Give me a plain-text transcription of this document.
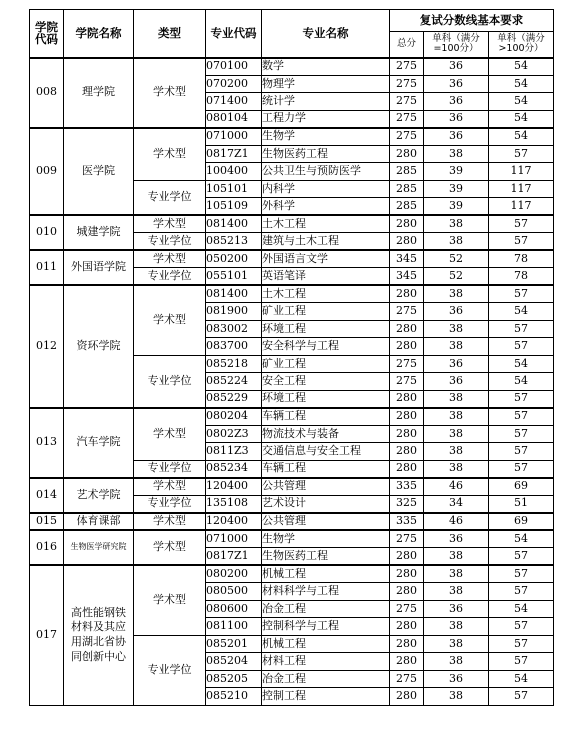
学院代码	学院名称	类型	专业代码	专业名称	复试分数线基本要求		
					总分	单科（满分=100分）	单科（满分>100分）
008	理学院	学术型	070100	数学	275	36	54
			070200	物理学	275	36	54
			071400	统计学	275	36	54
			080104	工程力学	275	36	54
009	医学院	学术型	071000	生物学	275	36	54
			0817Z1	生物医药工程	280	38	57
			100400	公共卫生与预防医学	285	39	117
		专业学位	105101	内科学	285	39	117
			105109	外科学	285	39	117
010	城建学院	学术型	081400	土木工程	280	38	57
		专业学位	085213	建筑与土木工程	280	38	57
011	外国语学院	学术型	050200	外国语言文学	345	52	78
		专业学位	055101	英语笔译	345	52	78
012	资环学院	学术型	081400	土木工程	280	38	57
			081900	矿业工程	275	36	54
			083002	环境工程	280	38	57
			083700	安全科学与工程	280	38	57
		专业学位	085218	矿业工程	275	36	54
			085224	安全工程	275	36	54
			085229	环境工程	280	38	57
013	汽车学院	学术型	080204	车辆工程	280	38	57
			0802Z3	物流技术与装备	280	38	57
			0811Z3	交通信息与安全工程	280	38	57
		专业学位	085234	车辆工程	280	38	57
014	艺术学院	学术型	120400	公共管理	335	46	69
		专业学位	135108	艺术设计	325	34	51
015	体育课部	学术型	120400	公共管理	335	46	69
016	生物医学研究院	学术型	071000	生物学	275	36	54
			0817Z1	生物医药工程	280	38	57
017	高性能钢铁材料及其应用湖北省协同创新中心	学术型	080200	机械工程	280	38	57
			080500	材料科学与工程	280	38	57
			080600	冶金工程	275	36	54
			081100	控制科学与工程	280	38	57
		专业学位	085201	机械工程	280	38	57
			085204	材料工程	280	38	57
			085205	冶金工程	275	36	54
			085210	控制工程	280	38	57
